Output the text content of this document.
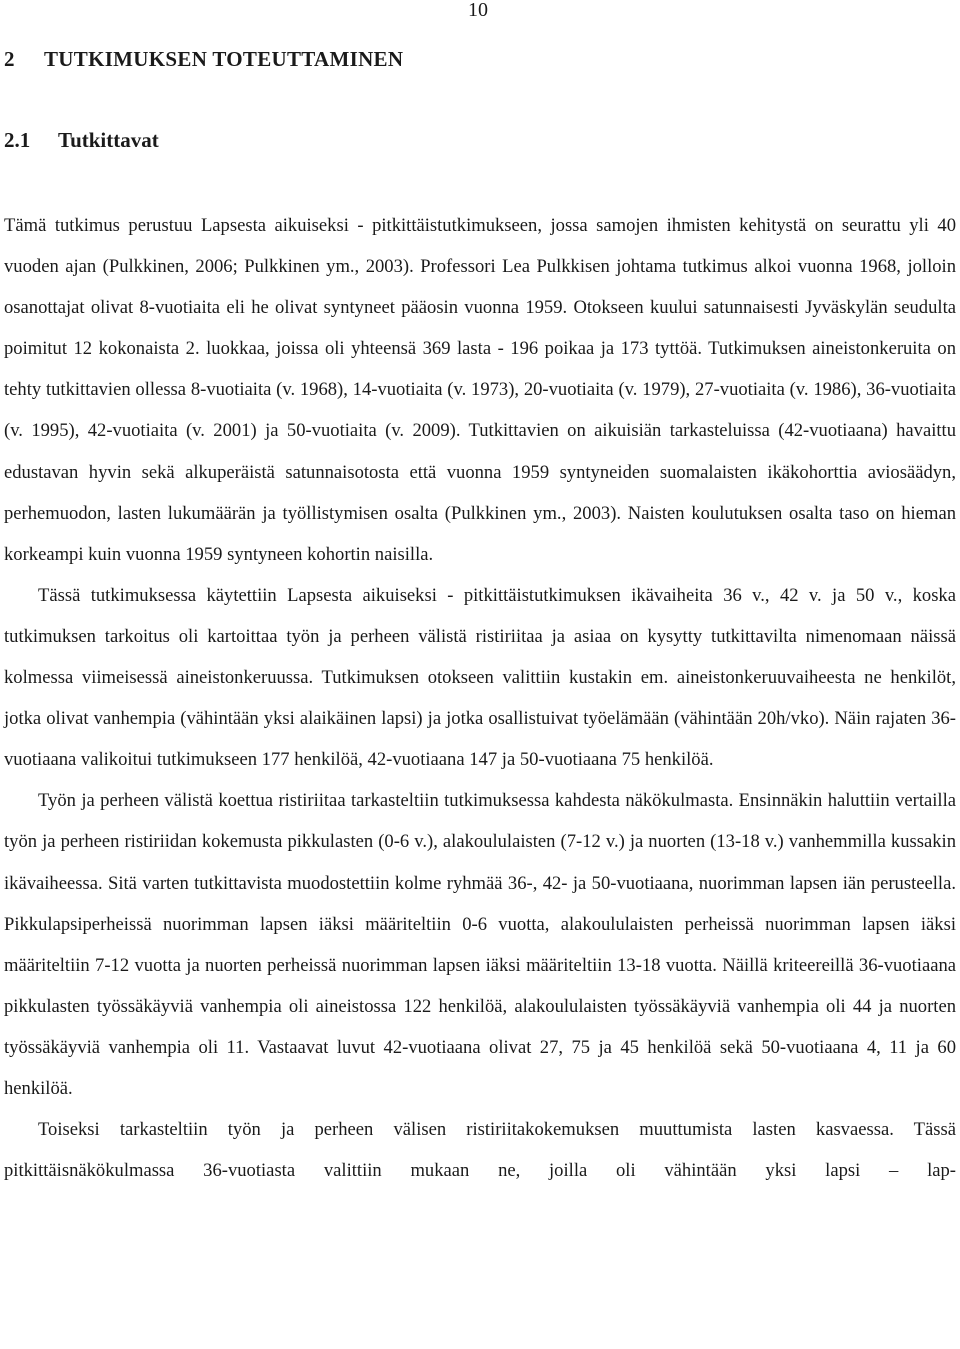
10
2 TUTKIMUKSEN TOTEUTTAMINEN
2.1 Tutkittavat

Tämä tutkimus perustuu Lapsesta aikuiseksi - pitkittäistutkimukseen, jossa samojen ihmisten kehitystä on seurattu yli 40 vuoden ajan (Pulkkinen, 2006; Pulkkinen ym., 2003). Professori Lea Pulkkisen johtama tutkimus alkoi vuonna 1968, jolloin osanottajat olivat 8-vuotiaita eli he olivat syntyneet pääosin vuonna 1959. Otokseen kuului satunnaisesti Jyväskylän seudulta poimitut 12 kokonaista 2. luokkaa, joissa oli yhteensä 369 lasta - 196 poikaa ja 173 tyttöä. Tutkimuksen aineistonkeruita on tehty tutkittavien ollessa 8-vuotiaita (v. 1968), 14-vuotiaita (v. 1973), 20-vuotiaita (v. 1979), 27-vuotiaita (v. 1986), 36-vuotiaita (v. 1995), 42-vuotiaita (v. 2001) ja 50-vuotiaita (v. 2009). Tutkittavien on aikuisiän tarkasteluissa (42-vuotiaana) havaittu edustavan hyvin sekä alkuperäistä satunnaisotosta että vuonna 1959 syntyneiden suomalaisten ikäkohorttia aviosäädyn, perhemuodon, lasten lukumäärän ja työllistymisen osalta (Pulkkinen ym., 2003). Naisten koulutuksen osalta taso on hieman korkeampi kuin vuonna 1959 syntyneen kohortin naisilla.

Tässä tutkimuksessa käytettiin Lapsesta aikuiseksi - pitkittäistutkimuksen ikävaiheita 36 v., 42 v. ja 50 v., koska tutkimuksen tarkoitus oli kartoittaa työn ja perheen välistä ristiriitaa ja asiaa on kysytty tutkittavilta nimenomaan näissä kolmessa viimeisessä aineistonkeruussa. Tutkimuksen otokseen valittiin kustakin em. aineistonkeruuvaiheesta ne henkilöt, jotka olivat vanhempia (vähintään yksi alaikäinen lapsi) ja jotka osallistuivat työelämään (vähintään 20h/vko). Näin rajaten 36-vuotiaana valikoitui tutkimukseen 177 henkilöä, 42-vuotiaana 147 ja 50-vuotiaana 75 henkilöä.

Työn ja perheen välistä koettua ristiriitaa tarkasteltiin tutkimuksessa kahdesta näkökulmasta. Ensinnäkin haluttiin vertailla työn ja perheen ristiriidan kokemusta pikkulasten (0-6 v.), alakoululaisten (7-12 v.) ja nuorten (13-18 v.) vanhemmilla kussakin ikävaiheessa. Sitä varten tutkittavista muodostettiin kolme ryhmää 36-, 42- ja 50-vuotiaana, nuorimman lapsen iän perusteella. Pikkulapsiperheissä nuorimman lapsen iäksi määriteltiin 0-6 vuotta, alakoululaisten perheissä nuorimman lapsen iäksi määriteltiin 7-12 vuotta ja nuorten perheissä nuorimman lapsen iäksi määriteltiin 13-18 vuotta. Näillä kriteereillä 36-vuotiaana pikkulasten työssäkäyviä vanhempia oli aineistossa 122 henkilöä, alakoululaisten työssäkäyviä vanhempia oli 44 ja nuorten työssäkäyviä vanhempia oli 11. Vastaavat luvut 42-vuotiaana olivat 27, 75 ja 45 henkilöä sekä 50-vuotiaana 4, 11 ja 60 henkilöä.

Toiseksi tarkasteltiin työn ja perheen välisen ristiriitakokemuksen muuttumista lasten kasvaessa. Tässä pitkittäisnäkökulmassa 36-vuotiasta valittiin mukaan ne, joilla oli vähintään yksi lapsi – lap-
